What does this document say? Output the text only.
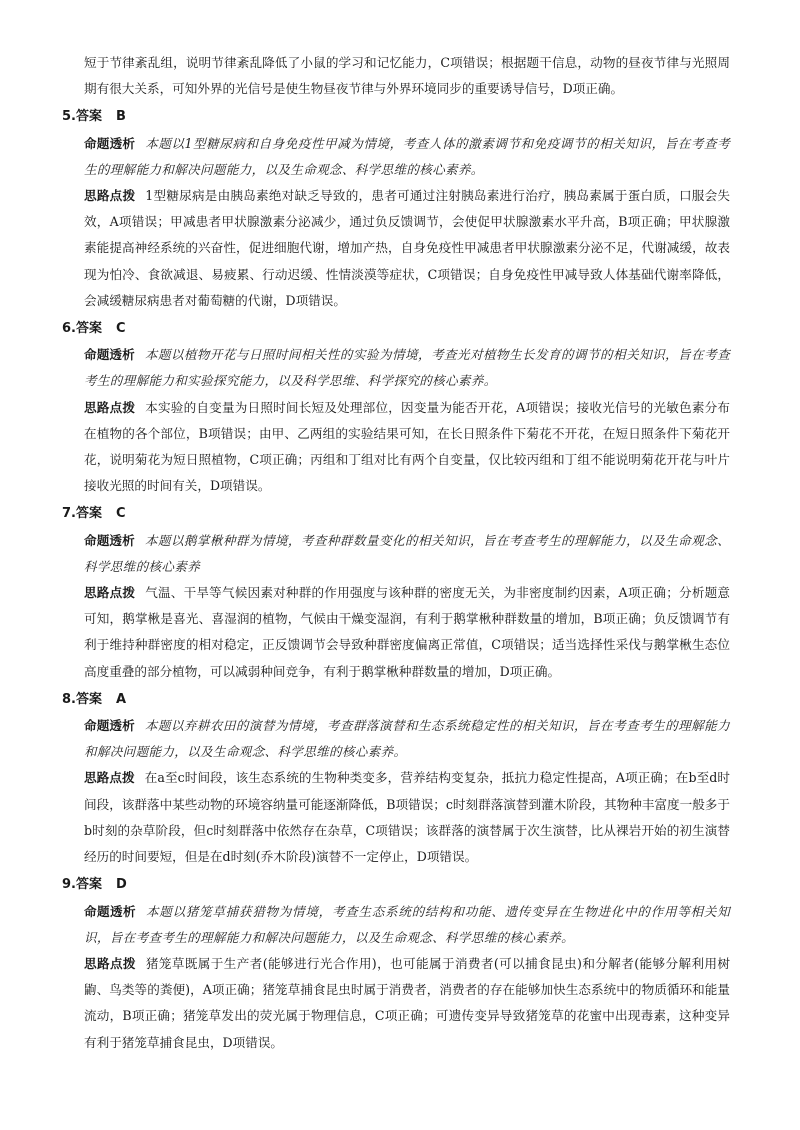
短于节律紊乱组，说明节律紊乱降低了小鼠的学习和记忆能力，C项错误；根据题干信息，动物的昼夜节律与光照周期有很大关系，可知外界的光信号是使生物昼夜节律与外界环境同步的重要诱导信号，D项正确。

5.答案 B

命题透析 本题以1型糖尿病和自身免疫性甲减为情境，考查人体的激素调节和免疫调节的相关知识，旨在考查考生的理解能力和解决问题能力，以及生命观念、科学思维的核心素养。

思路点拨 1型糖尿病是由胰岛素绝对缺乏导致的，患者可通过注射胰岛素进行治疗，胰岛素属于蛋白质，口服会失效，A项错误；甲减患者甲状腺激素分泌减少，通过负反馈调节，会使促甲状腺激素水平升高，B项正确；甲状腺激素能提高神经系统的兴奋性，促进细胞代谢，增加产热，自身免疫性甲减患者甲状腺激素分泌不足，代谢减缓，故表现为怕冷、食欲减退、易疲累、行动迟缓、性情淡漠等症状，C项错误；自身免疫性甲减导致人体基础代谢率降低，会减缓糖尿病患者对葡萄糖的代谢，D项错误。

6.答案 C

命题透析 本题以植物开花与日照时间相关性的实验为情境，考查光对植物生长发育的调节的相关知识，旨在考查考生的理解能力和实验探究能力，以及科学思维、科学探究的核心素养。

思路点拨 本实验的自变量为日照时间长短及处理部位，因变量为能否开花，A项错误；接收光信号的光敏色素分布在植物的各个部位，B项错误；由甲、乙两组的实验结果可知，在长日照条件下菊花不开花，在短日照条件下菊花开花，说明菊花为短日照植物，C项正确；丙组和丁组对比有两个自变量，仅比较丙组和丁组不能说明菊花开花与叶片接收光照的时间有关，D项错误。

7.答案 C

命题透析 本题以鹅掌楸种群为情境，考查种群数量变化的相关知识，旨在考查考生的理解能力，以及生命观念、科学思维的核心素养

思路点拨 气温、干旱等气候因素对种群的作用强度与该种群的密度无关，为非密度制约因素，A项正确；分析题意可知，鹅掌楸是喜光、喜湿润的植物，气候由干燥变湿润，有利于鹅掌楸种群数量的增加，B项正确；负反馈调节有利于维持种群密度的相对稳定，正反馈调节会导致种群密度偏离正常值，C项错误；适当选择性采伐与鹅掌楸生态位高度重叠的部分植物，可以减弱种间竞争，有利于鹅掌楸种群数量的增加，D项正确。

8.答案 A

命题透析 本题以弃耕农田的演替为情境，考查群落演替和生态系统稳定性的相关知识，旨在考查考生的理解能力和解决问题能力，以及生命观念、科学思维的核心素养。

思路点拨 在a至c时间段，该生态系统的生物种类变多，营养结构变复杂，抵抗力稳定性提高，A项正确；在b至d时间段，该群落中某些动物的环境容纳量可能逐渐降低，B项错误；c时刻群落演替到灌木阶段，其物种丰富度一般多于b时刻的杂草阶段，但c时刻群落中依然存在杂草，C项错误；该群落的演替属于次生演替，比从裸岩开始的初生演替经历的时间要短，但是在d时刻(乔木阶段)演替不一定停止，D项错误。

9.答案 D

命题透析 本题以猪笼草捕获猎物为情境，考查生态系统的结构和功能、遗传变异在生物进化中的作用等相关知识，旨在考查考生的理解能力和解决问题能力，以及生命观念、科学思维的核心素养。

思路点拨 猪笼草既属于生产者(能够进行光合作用)，也可能属于消费者(可以捕食昆虫)和分解者(能够分解利用树鼩、鸟类等的粪便)，A项正确；猪笼草捕食昆虫时属于消费者，消费者的存在能够加快生态系统中的物质循环和能量流动，B项正确；猪笼草发出的荧光属于物理信息，C项正确；可遗传变异导致猪笼草的花蜜中出现毒素，这种变异有利于猪笼草捕食昆虫，D项错误。
